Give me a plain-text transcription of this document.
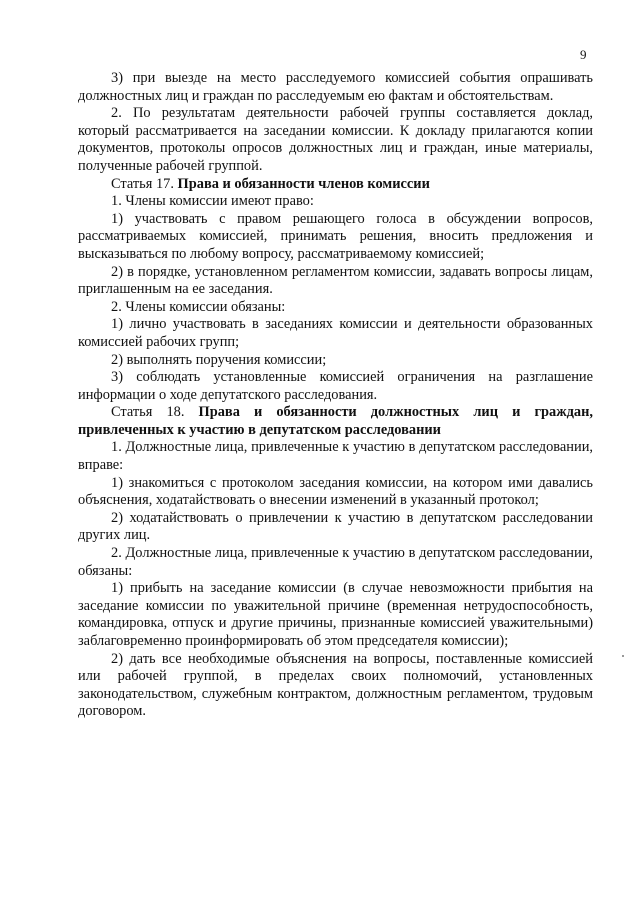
9

3) при выезде на место расследуемого комиссией события опрашивать должностных лиц и граждан по расследуемым ею фактам и обстоятельствам.

2. По результатам деятельности рабочей группы составляется доклад, который рассматривается на заседании комиссии. К докладу прилагаются копии документов, протоколы опросов должностных лиц и граждан, иные материалы, полученные рабочей группой.

Статья 17. Права и обязанности членов комиссии

1. Члены комиссии имеют право:

1) участвовать с правом решающего голоса в обсуждении вопросов, рассматриваемых комиссией, принимать решения, вносить предложения и высказываться по любому вопросу, рассматриваемому комиссией;

2) в порядке, установленном регламентом комиссии, задавать вопросы лицам, приглашенным на ее заседания.

2. Члены комиссии обязаны:

1) лично участвовать в заседаниях комиссии и деятельности образованных комиссией рабочих групп;

2) выполнять поручения комиссии;

3) соблюдать установленные комиссией ограничения на разглашение информации о ходе депутатского расследования.

Статья 18. Права и обязанности должностных лиц и граждан, привлеченных к участию в депутатском расследовании

1. Должностные лица, привлеченные к участию в депутатском расследовании, вправе:

1) знакомиться с протоколом заседания комиссии, на котором ими давались объяснения, ходатайствовать о внесении изменений в указанный протокол;

2) ходатайствовать о привлечении к участию в депутатском расследовании других лиц.

2. Должностные лица, привлеченные к участию в депутатском расследовании, обязаны:

1) прибыть на заседание комиссии (в случае невозможности прибытия на заседание комиссии по уважительной причине (временная нетрудоспособность, командировка, отпуск и другие причины, признанные комиссией уважительными) заблаговременно проинформировать об этом председателя комиссии);

2) дать все необходимые объяснения на вопросы, поставленные комиссией или рабочей группой, в пределах своих полномочий, установленных законодательством, служебным контрактом, должностным регламентом, трудовым договором.
